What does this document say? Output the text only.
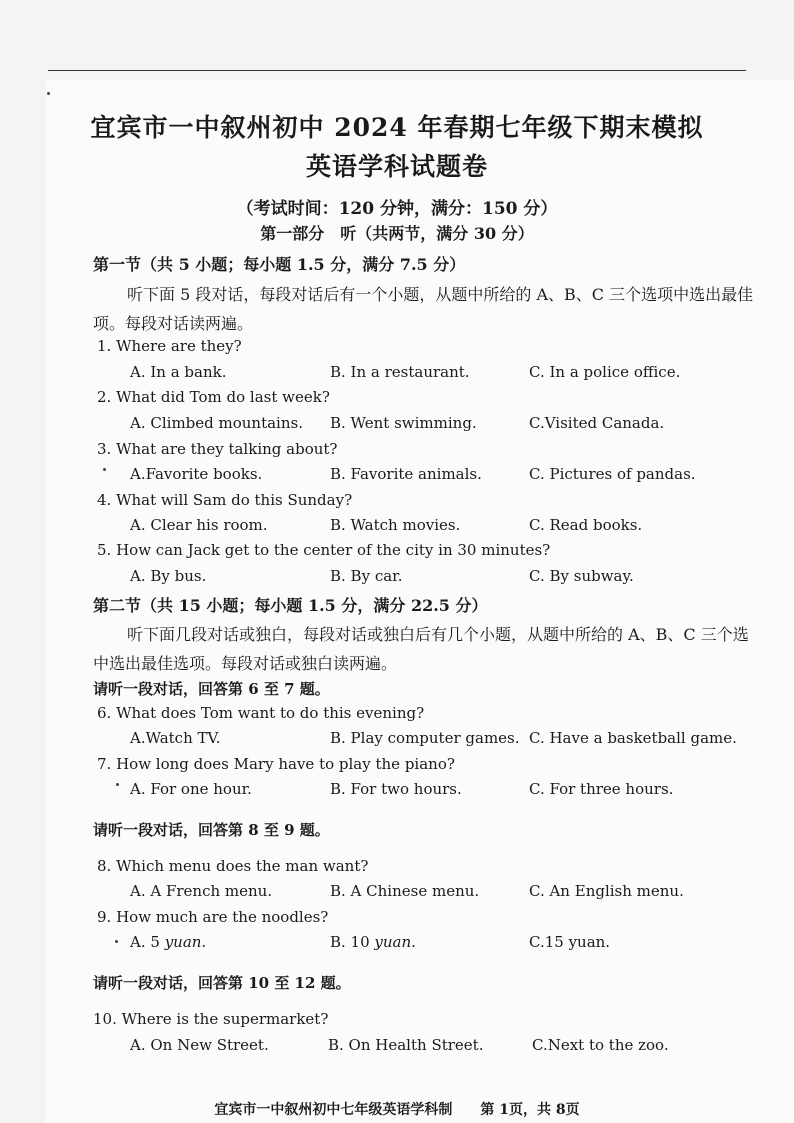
宜宾市一中叙州初中 2024 年春期七年级下期末模拟
英语学科试题卷
（考试时间：120 分钟，满分：150 分）
第一部分　听（共两节，满分 30 分）
第一节（共 5 小题；每小题 1.5 分，满分 7.5 分）
听下面 5 段对话，每段对话后有一个小题，从题中所给的 A、B、C 三个选项中选出最佳
项。每段对话读两遍。
1. Where are they?
A. In a bank.	B. In a restaurant.	C. In a police office.
2. What did Tom do last week?
A. Climbed mountains. B. Went swimming.	C.Visited Canada.
3. What are they talking about?
A.Favorite books.	B. Favorite animals.	C. Pictures of pandas.
4. What will Sam do this Sunday?
A. Clear his room.	B. Watch movies.	C. Read books.
5. How can Jack get to the center of the city in 30 minutes?
A. By bus.	B. By car.	C. By subway.
第二节（共 15 小题；每小题 1.5 分，满分 22.5 分）
听下面几段对话或独白，每段对话或独白后有几个小题，从题中所给的 A、B、C 三个选
中选出最佳选项。每段对话或独白读两遍。
请听一段对话，回答第 6 至 7 题。
6. What does Tom want to do this evening?
A.Watch TV.	B. Play computer games. C. Have a basketball game.
7. How long does Mary have to play the piano?
A. For one hour.	B. For two hours.	C. For three hours.
请听一段对话，回答第 8 至 9 题。
8. Which menu does the man want?
A. A French menu.	B. A Chinese menu.	C. An English menu.
9. How much are the noodles?
A. 5 yuan.	B. 10 yuan.	C.15 yuan.
请听一段对话，回答第 10 至 12 题。
10. Where is the supermarket?
A. On New Street.	B. On Health Street.	C.Next to the zoo.
宜宾市一中叙州初中七年级英语学科制 第 1页，共 8页
